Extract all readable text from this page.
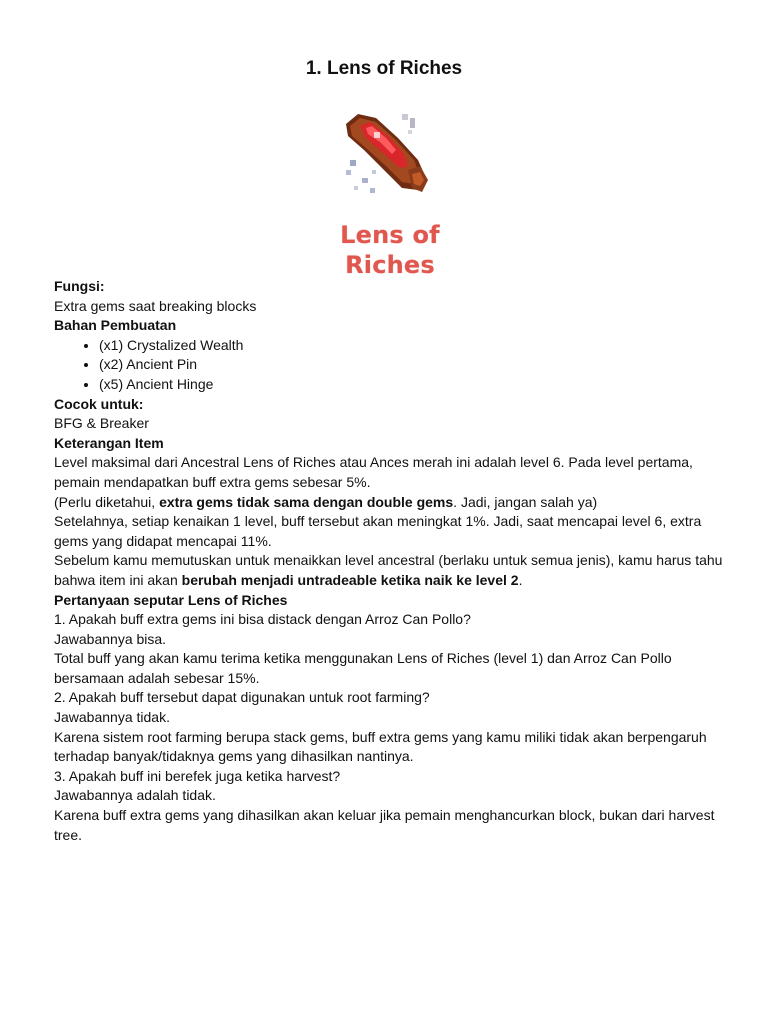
1. Lens of Riches
Lens of Riches

Fungsi:

Extra gems saat breaking blocks

Bahan Pembuatan

• (x1) Crystalized Wealth
• (x2) Ancient Pin
• (x5) Ancient Hinge

Cocok untuk:

BFG & Breaker

Keterangan Item

Level maksimal dari Ancestral Lens of Riches atau Ances merah ini adalah level 6. Pada level pertama, pemain mendapatkan buff extra gems sebesar 5%.

(Perlu diketahui, extra gems tidak sama dengan double gems. Jadi, jangan salah ya)

Setelahnya, setiap kenaikan 1 level, buff tersebut akan meningkat 1%. Jadi, saat mencapai level 6, extra gems yang didapat mencapai 11%.

Sebelum kamu memutuskan untuk menaikkan level ancestral (berlaku untuk semua jenis), kamu harus tahu bahwa item ini akan berubah menjadi untradeable ketika naik ke level 2.

Pertanyaan seputar Lens of Riches

1. Apakah buff extra gems ini bisa distack dengan Arroz Can Pollo?

Jawabannya bisa.

Total buff yang akan kamu terima ketika menggunakan Lens of Riches (level 1) dan Arroz Can Pollo bersamaan adalah sebesar 15%.

2. Apakah buff tersebut dapat digunakan untuk root farming?

Jawabannya tidak.

Karena sistem root farming berupa stack gems, buff extra gems yang kamu miliki tidak akan berpengaruh terhadap banyak/tidaknya gems yang dihasilkan nantinya.

3. Apakah buff ini berefek juga ketika harvest?

Jawabannya adalah tidak.

Karena buff extra gems yang dihasilkan akan keluar jika pemain menghancurkan block, bukan dari harvest tree.
